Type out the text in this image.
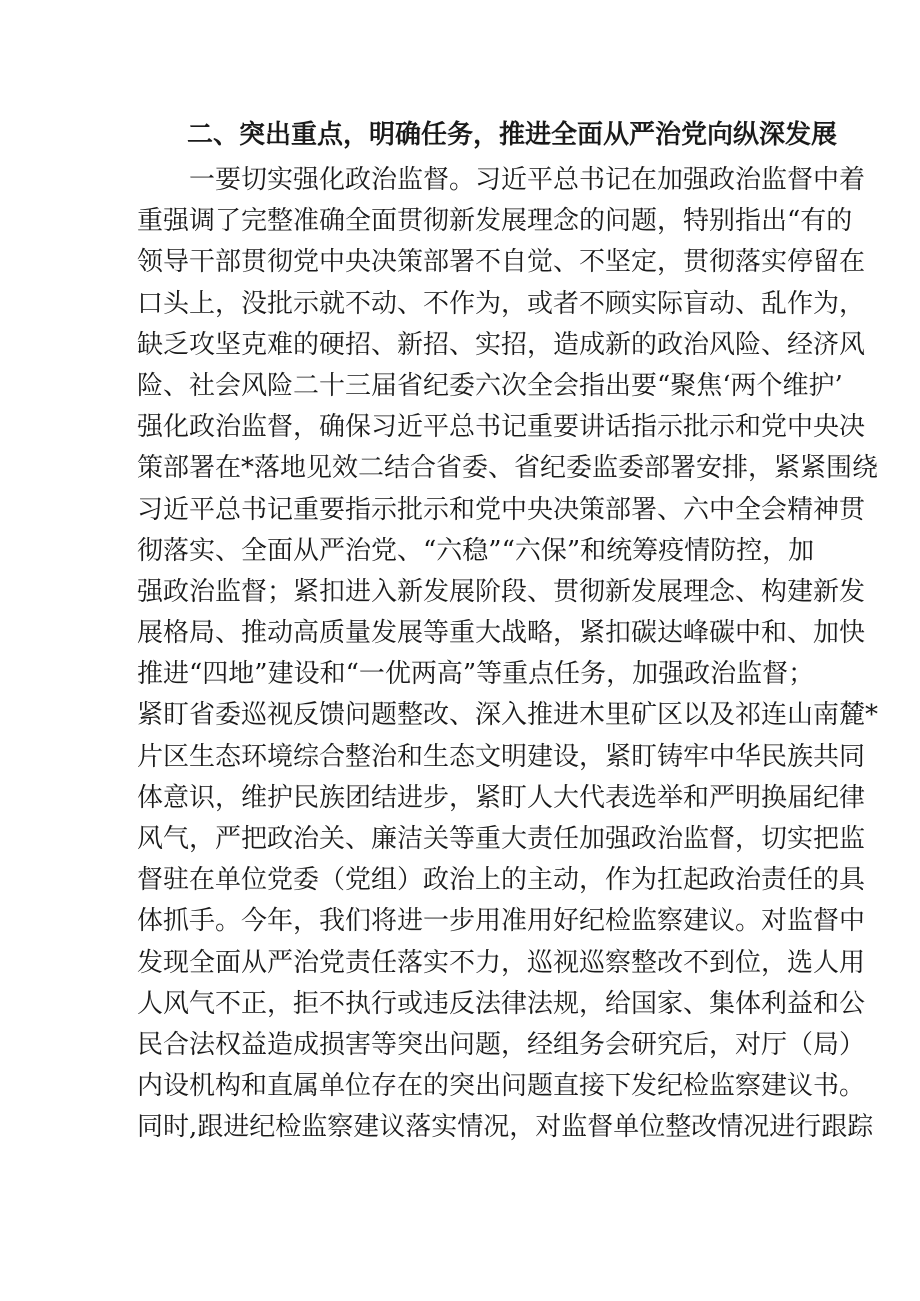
二、突出重点，明确任务，推进全面从严治党向纵深发展
一要切实强化政治监督。习近平总书记在加强政治监督中着
重强调了完整准确全面贯彻新发展理念的问题，特别指出“有的
领导干部贯彻党中央决策部署不自觉、不坚定，贯彻落实停留在
口头上，没批示就不动、不作为，或者不顾实际盲动、乱作为，
缺乏攻坚克难的硬招、新招、实招，造成新的政治风险、经济风
险、社会风险二十三届省纪委六次全会指出要“聚焦‘两个维护’
强化政治监督，确保习近平总书记重要讲话指示批示和党中央决
策部署在*落地见效二结合省委、省纪委监委部署安排，紧紧围绕
习近平总书记重要指示批示和党中央决策部署、六中全会精神贯
彻落实、全面从严治党、“六稳”“六保”和统筹疫情防控，加
强政治监督；紧扣进入新发展阶段、贯彻新发展理念、构建新发
展格局、推动高质量发展等重大战略，紧扣碳达峰碳中和、加快
推进“四地”建设和“一优两高”等重点任务，加强政治监督；
紧盯省委巡视反馈问题整改、深入推进木里矿区以及祁连山南麓*
片区生态环境综合整治和生态文明建设，紧盯铸牢中华民族共同
体意识，维护民族团结进步，紧盯人大代表选举和严明换届纪律
风气，严把政治关、廉洁关等重大责任加强政治监督，切实把监
督驻在单位党委（党组）政治上的主动，作为扛起政治责任的具
体抓手。今年，我们将进一步用准用好纪检监察建议。对监督中
发现全面从严治党责任落实不力，巡视巡察整改不到位，选人用
人风气不正，拒不执行或违反法律法规，给国家、集体利益和公
民合法权益造成损害等突出问题，经组务会研究后，对厅（局）
内设机构和直属单位存在的突出问题直接下发纪检监察建议书。
同时,跟进纪检监察建议落实情况，对监督单位整改情况进行跟踪
